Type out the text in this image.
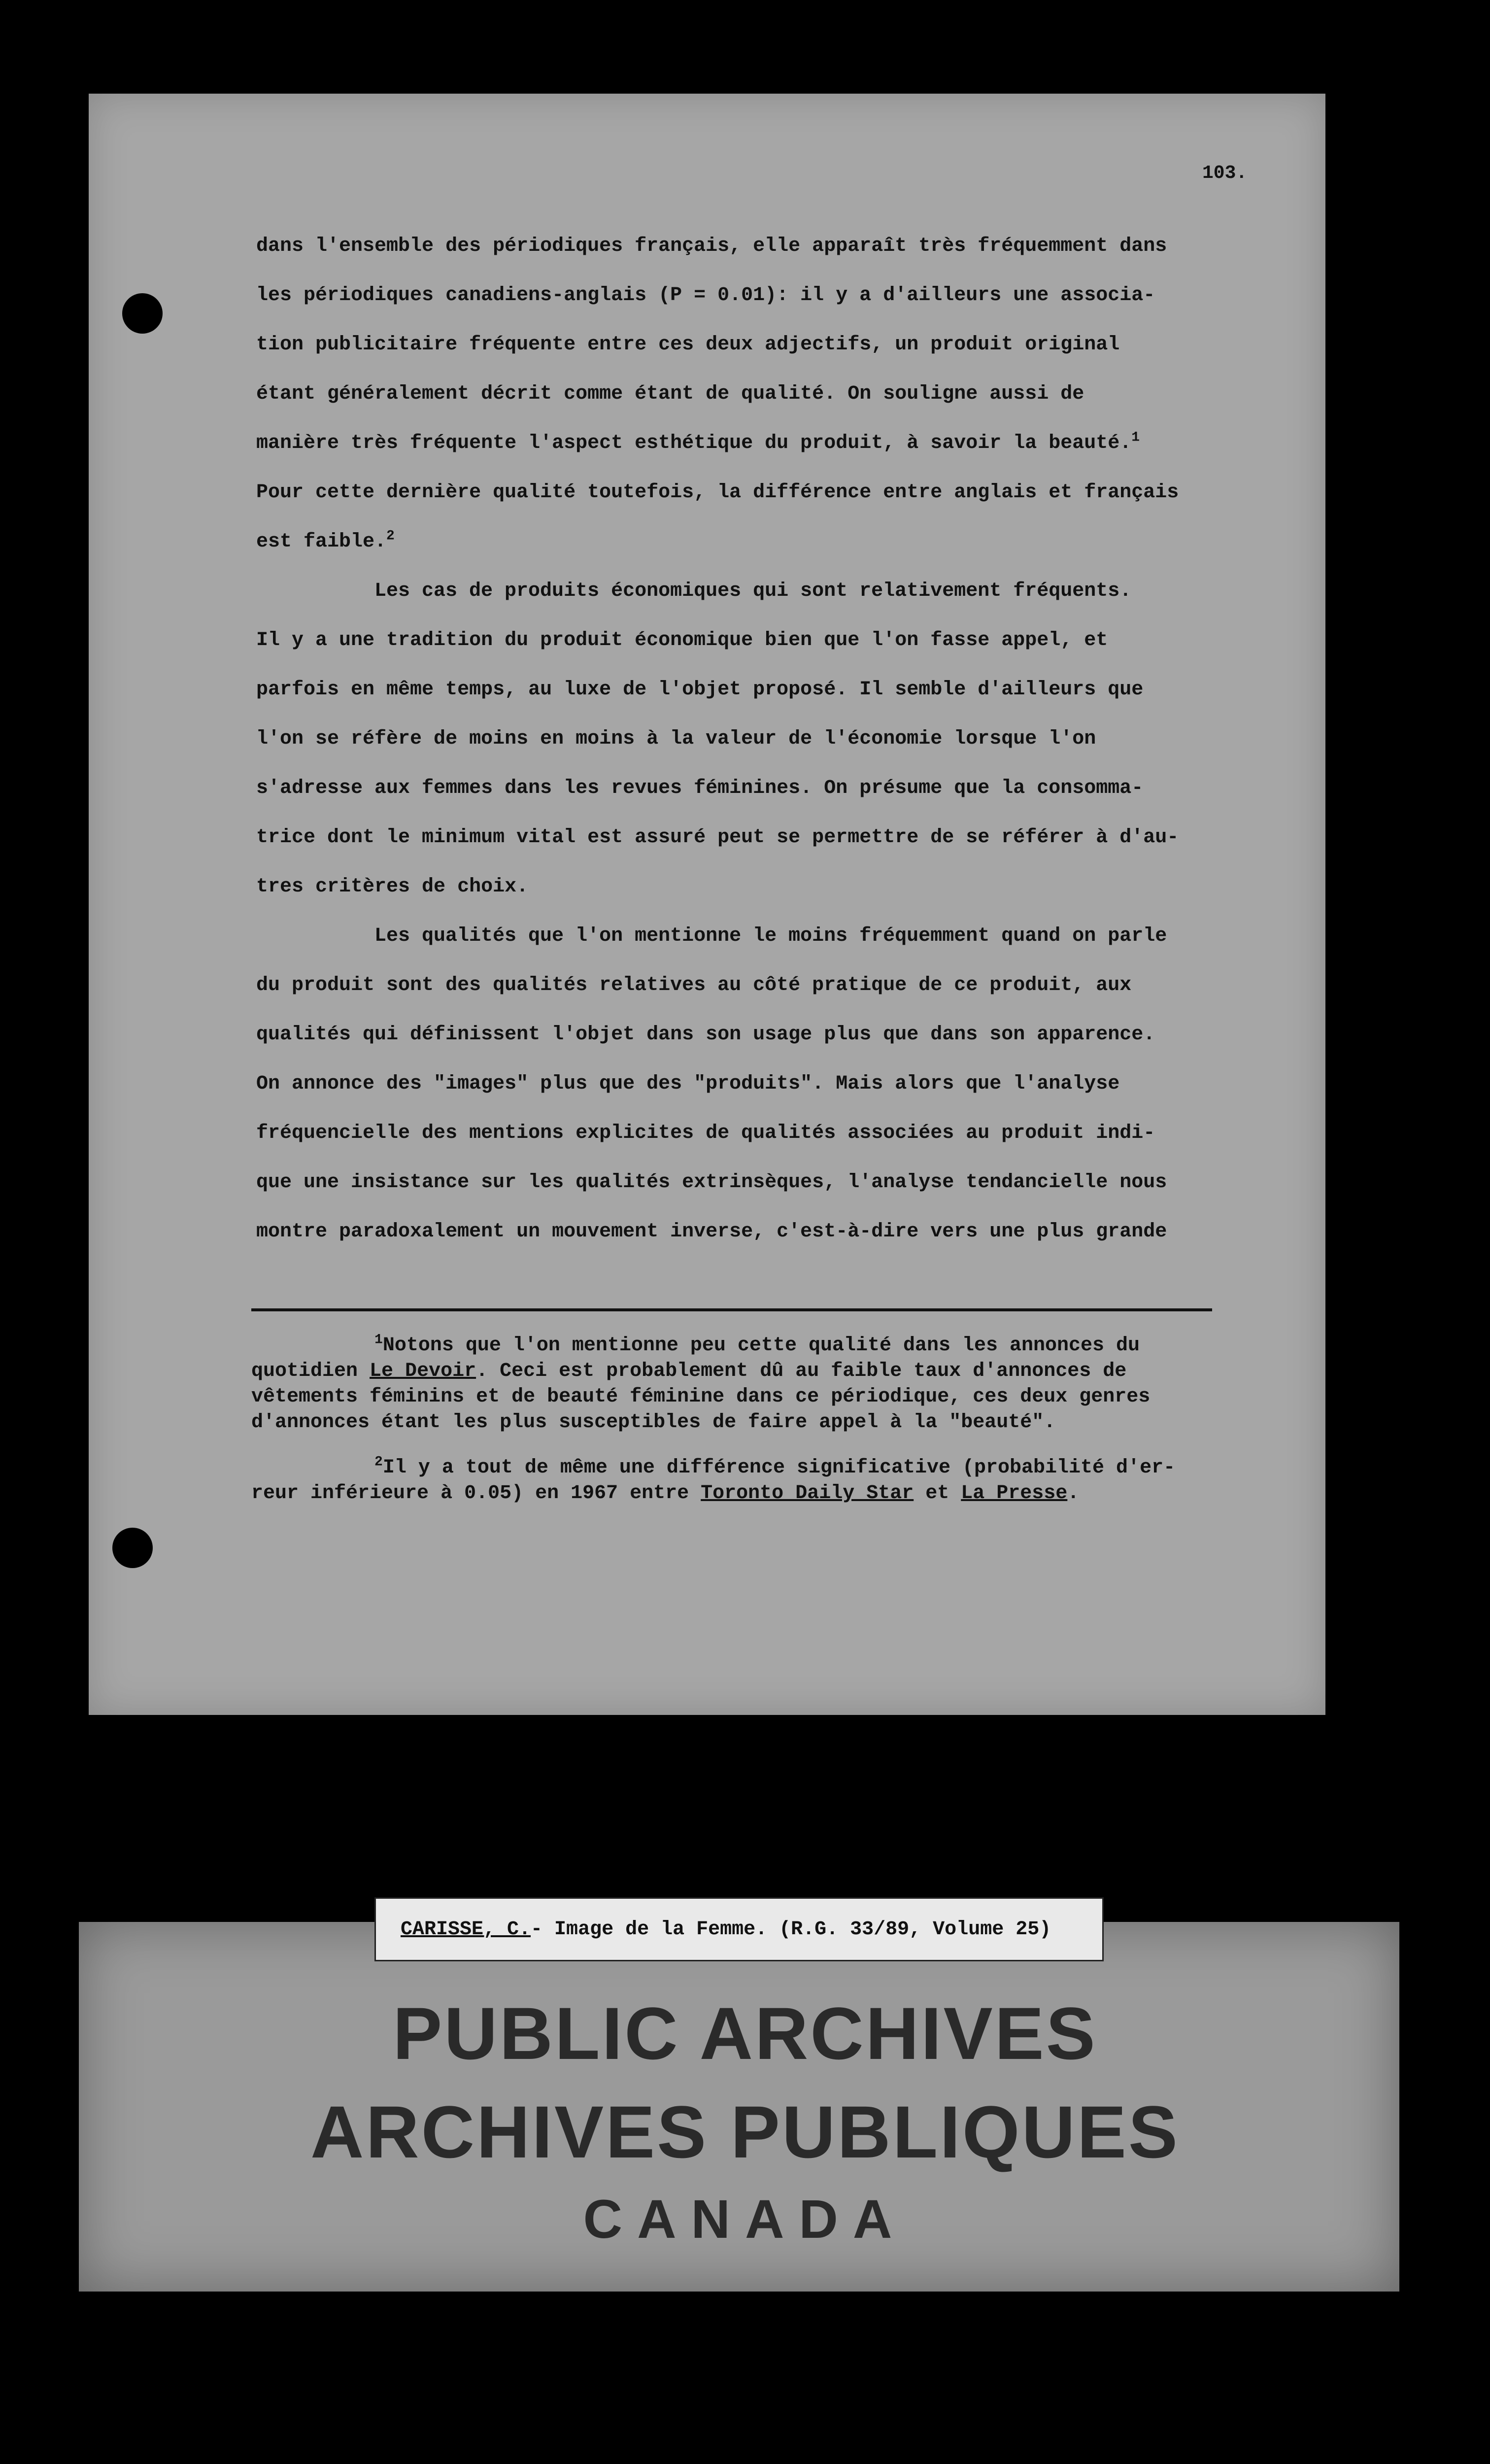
103.

dans l'ensemble des périodiques français, elle apparaît très fréquemment dans
les périodiques canadiens-anglais (P = 0.01): il y a d'ailleurs une associa-
tion publicitaire fréquente entre ces deux adjectifs, un produit original
étant généralement décrit comme étant de qualité. On souligne aussi de
manière très fréquente l'aspect esthétique du produit, à savoir la beauté.$^1$
Pour cette dernière qualité toutefois, la différence entre anglais et français
est faible.$^2$

Les cas de produits économiques qui sont relativement fréquents.
Il y a une tradition du produit économique bien que l'on fasse appel, et
parfois en même temps, au luxe de l'objet proposé. Il semble d'ailleurs que
l'on se réfère de moins en moins à la valeur de l'économie lorsque l'on
s'adresse aux femmes dans les revues féminines. On présume que la consomma-
trice dont le minimum vital est assuré peut se permettre de se référer à d'au-
tres critères de choix.

Les qualités que l'on mentionne le moins fréquemment quand on parle
du produit sont des qualités relatives au côté pratique de ce produit, aux
qualités qui définissent l'objet dans son usage plus que dans son apparence.
On annonce des "images" plus que des "produits". Mais alors que l'analyse
fréquencielle des mentions explicites de qualités associées au produit indi-
que une insistance sur les qualités extrinsèques, l'analyse tendancielle nous
montre paradoxalement un mouvement inverse, c'est-à-dire vers une plus grande

$^1$Notons que l'on mentionne peu cette qualité dans les annonces du
quotidien Le Devoir. Ceci est probablement dû au faible taux d'annonces de
vêtements féminins et de beauté féminine dans ce périodique, ces deux genres
d'annonces étant les plus susceptibles de faire appel à la "beauté".
$^2$Il y a tout de même une différence significative (probabilité d'er-
reur inférieure à 0.05) en 1967 entre Toronto Daily Star et La Presse.
CARISSE, C. - Image de la Femme. (R.G. 33/89, Volume 25)
PUBLIC ARCHIVES
ARCHIVES PUBLIQUES
CANADA
